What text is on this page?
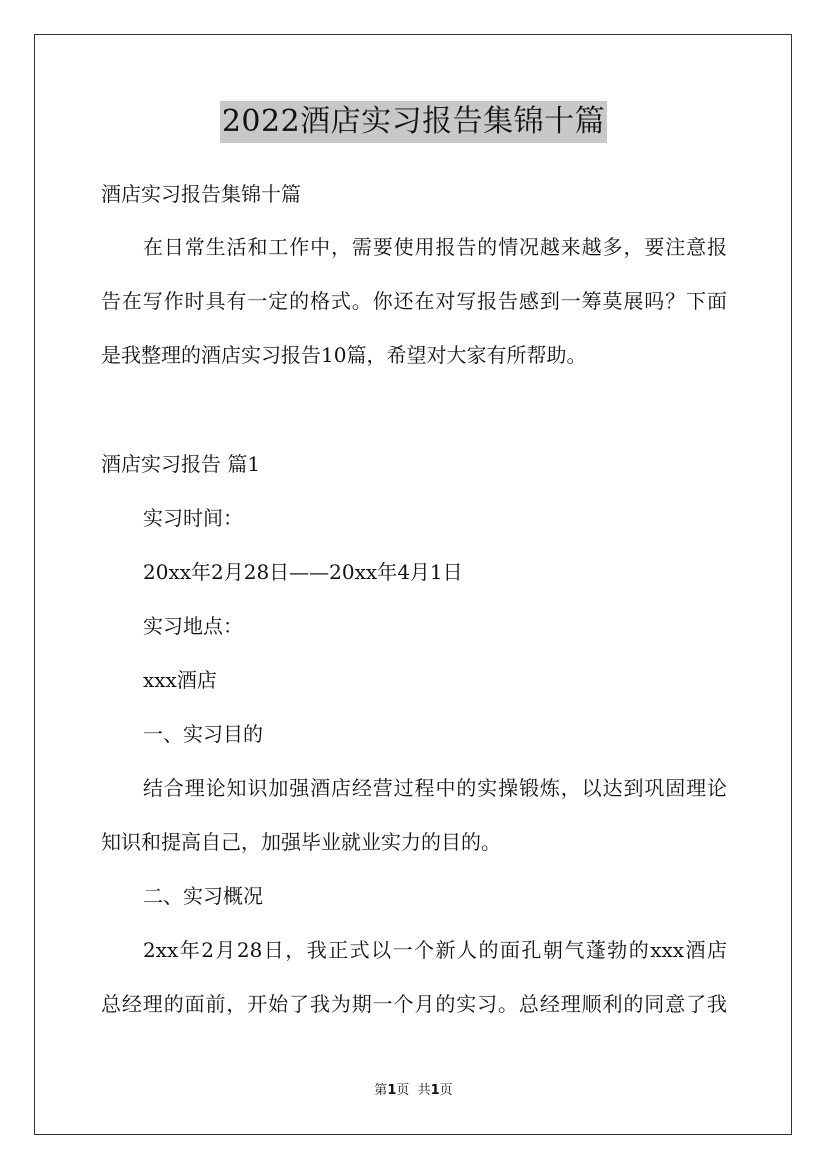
2022酒店实习报告集锦十篇
酒店实习报告集锦十篇
在日常生活和工作中，需要使用报告的情况越来越多，要注意报
告在写作时具有一定的格式。你还在对写报告感到一筹莫展吗？下面
是我整理的酒店实习报告10篇，希望对大家有所帮助。
酒店实习报告 篇1
实习时间：
20xx年2月28日——20xx年4月1日
实习地点：
xxx酒店
一、实习目的
结合理论知识加强酒店经营过程中的实操锻炼，以达到巩固理论
知识和提高自己，加强毕业就业实力的目的。
二、实习概况
2xx年2月28日，我正式以一个新人的面孔朝气蓬勃的xxx酒店
总经理的面前，开始了我为期一个月的实习。总经理顺利的同意了我
第1页  共1页
